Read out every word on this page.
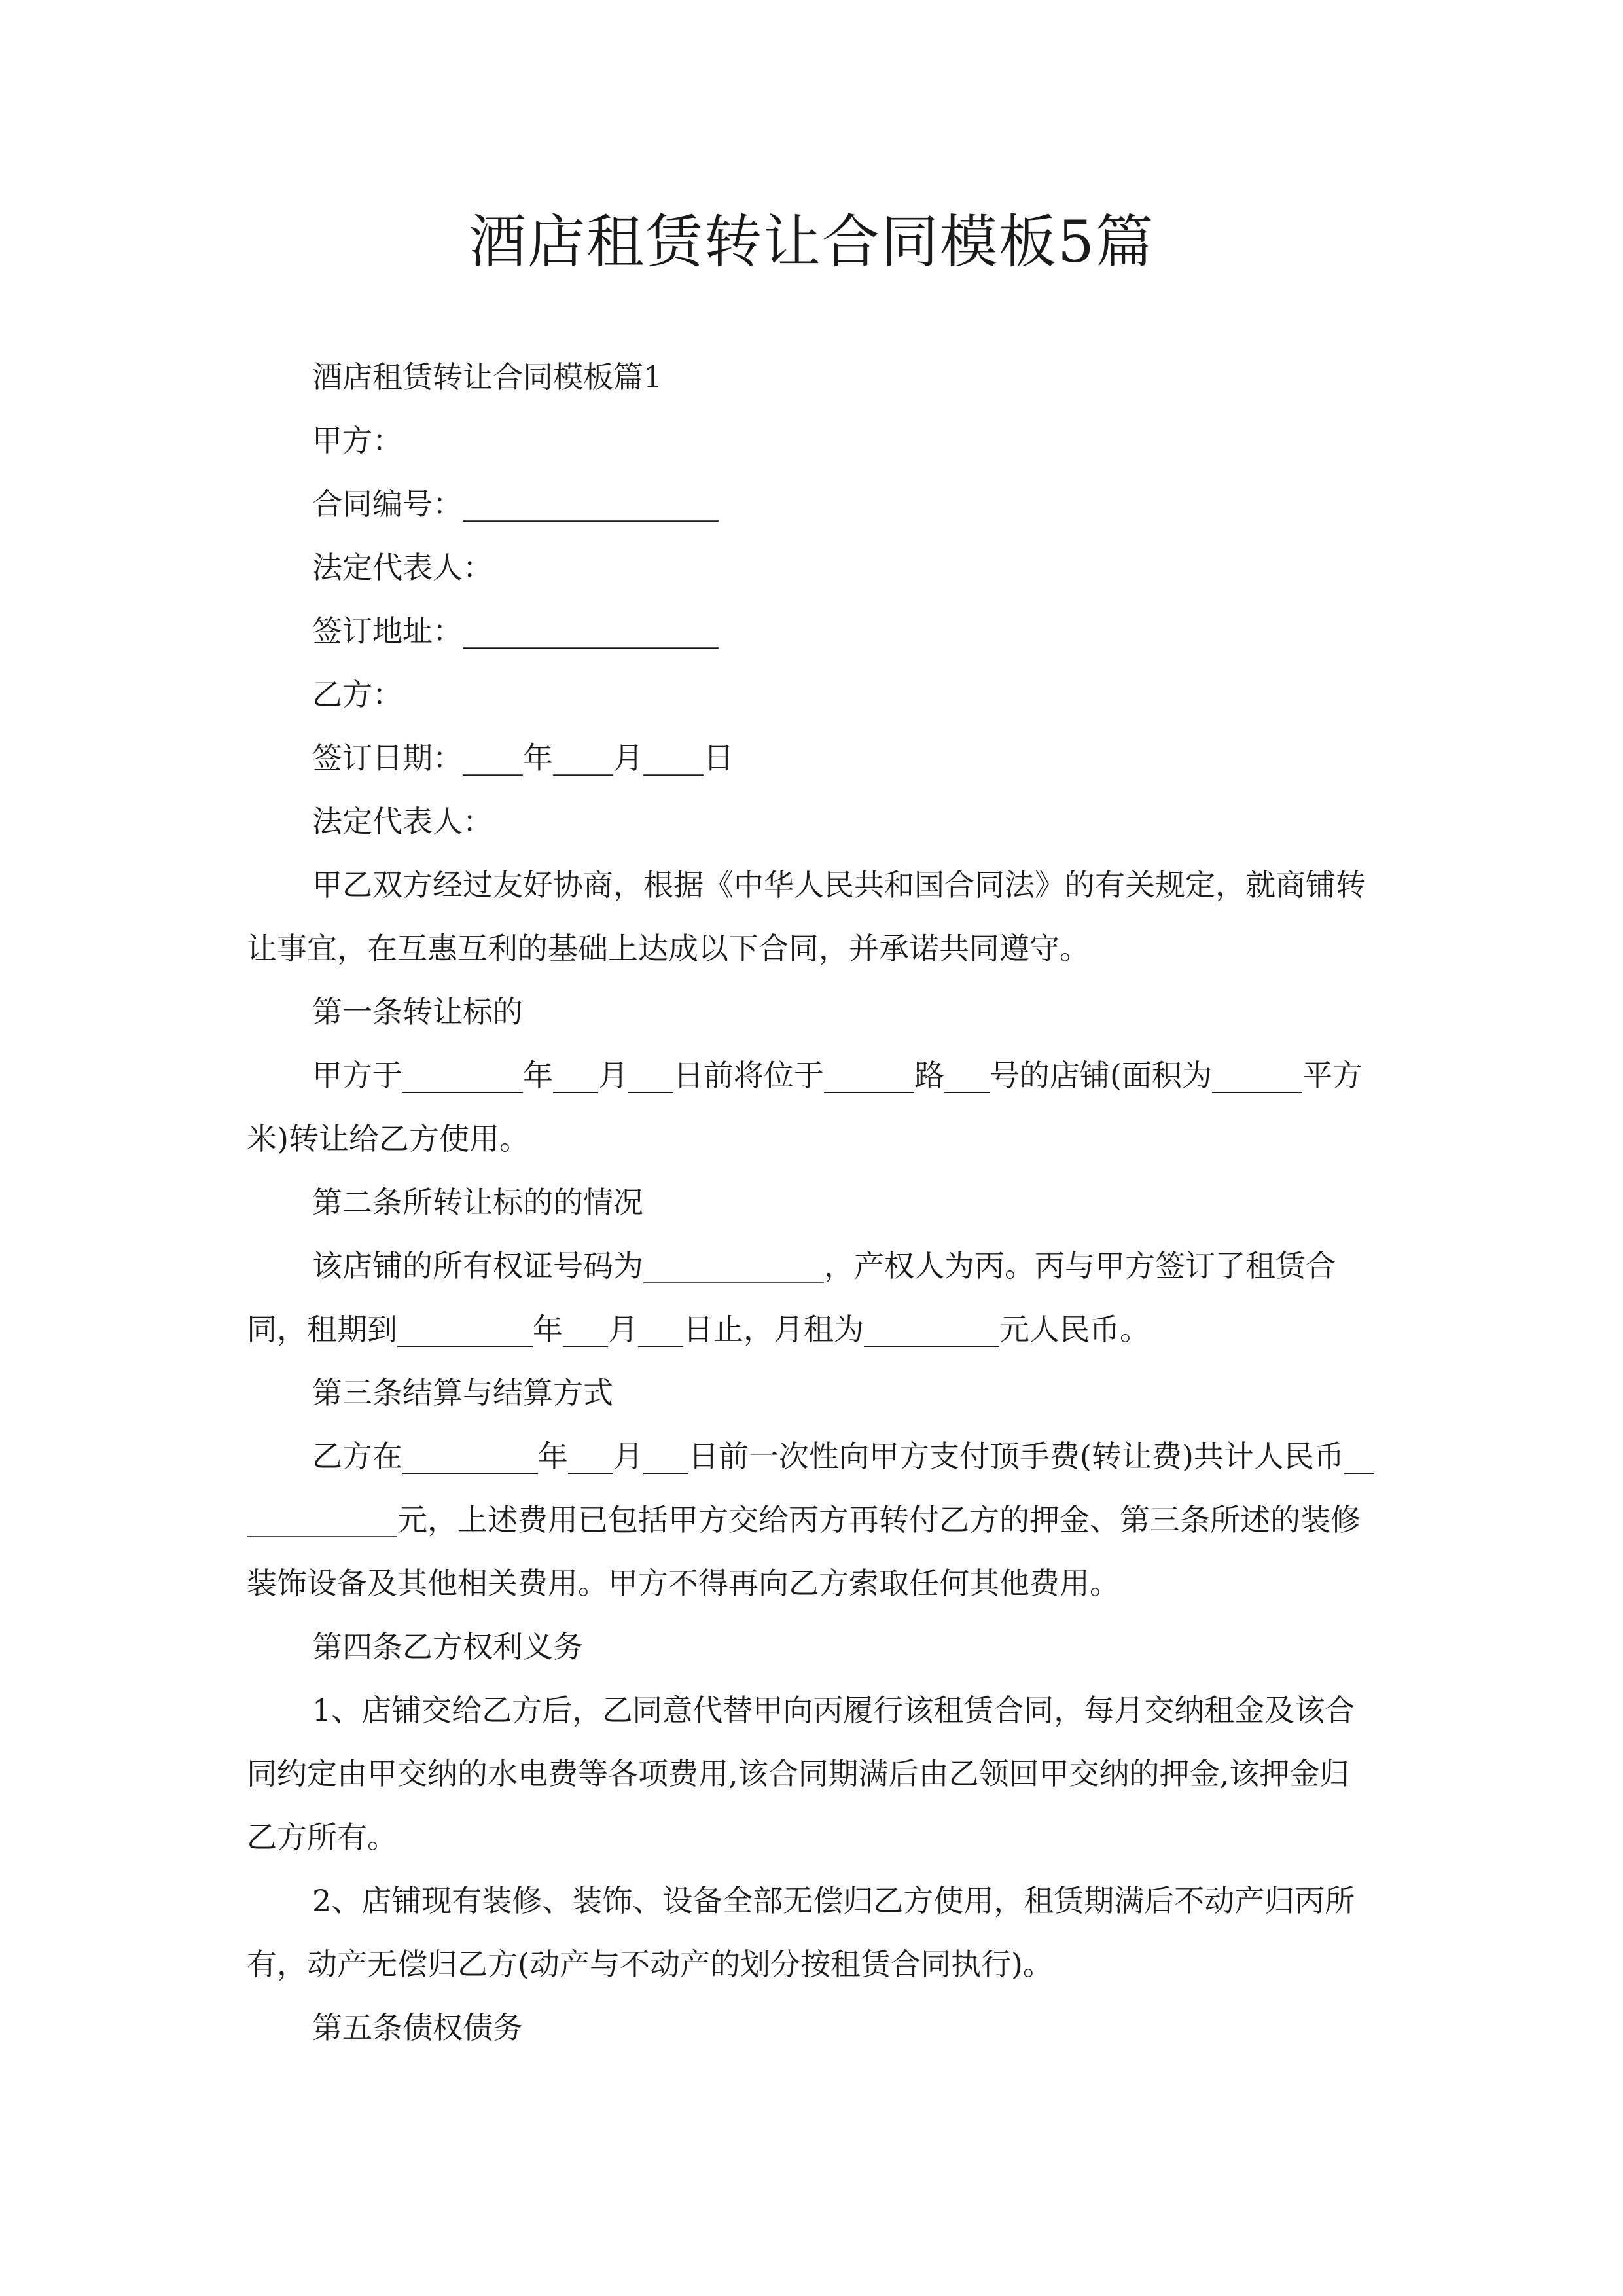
酒店租赁转让合同模板5篇

酒店租赁转让合同模板篇1

甲方：

合同编号：_________________

法定代表人：

签订地址：_________________

乙方：

签订日期：____年____月____日

法定代表人：

甲乙双方经过友好协商，根据《中华人民共和国合同法》的有关规定，就商铺转让事宜，在互惠互利的基础上达成以下合同，并承诺共同遵守。

第一条转让标的

甲方于________年___月___日前将位于______路___号的店铺(面积为______平方米)转让给乙方使用。

第二条所转让标的的情况

该店铺的所有权证号码为____________，产权人为丙。丙与甲方签订了租赁合同，租期到_________年___月___日止，月租为_________元人民币。

第三条结算与结算方式

乙方在_________年___月___日前一次性向甲方支付顶手费(转让费)共计人民币____________元，上述费用已包括甲方交给丙方再转付乙方的押金、第三条所述的装修装饰设备及其他相关费用。甲方不得再向乙方索取任何其他费用。

第四条乙方权利义务

1、店铺交给乙方后，乙同意代替甲向丙履行该租赁合同，每月交纳租金及该合同约定由甲交纳的水电费等各项费用,该合同期满后由乙领回甲交纳的押金,该押金归乙方所有。

2、店铺现有装修、装饰、设备全部无偿归乙方使用，租赁期满后不动产归丙所有，动产无偿归乙方(动产与不动产的划分按租赁合同执行)。

第五条债权债务
